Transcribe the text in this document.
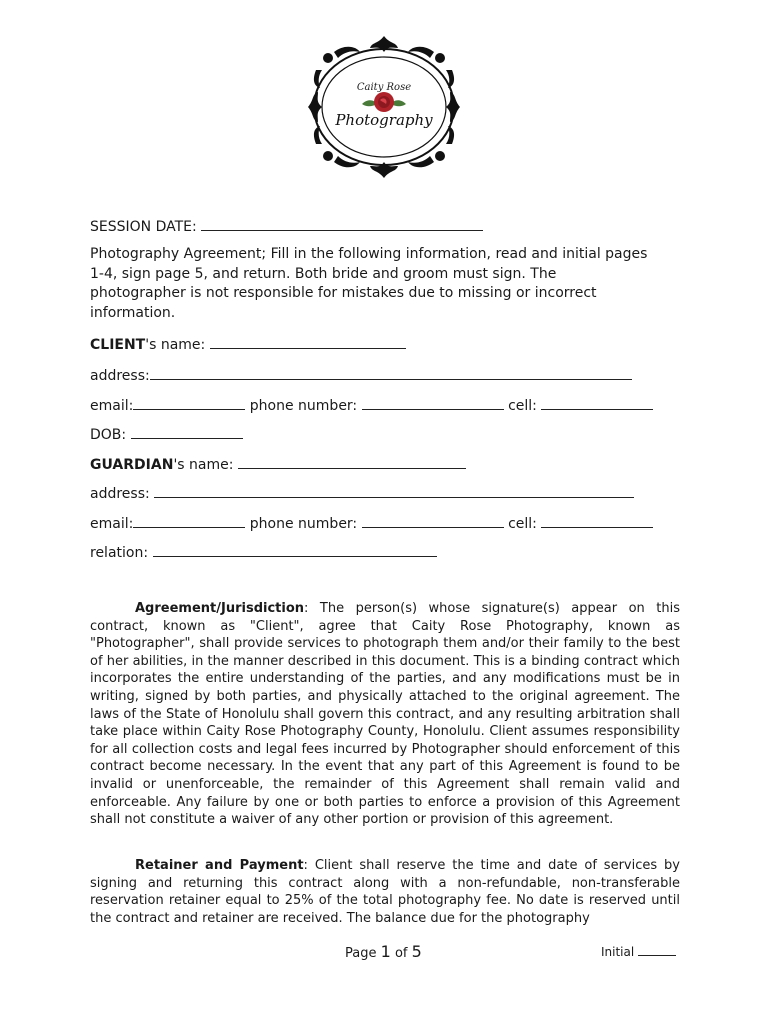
Caity Rose
Photography
SESSION DATE:
Photography Agreement; Fill in the following information, read and initial pages 1-4, sign page 5, and return. Both bride and groom must sign. The photographer is not responsible for mistakes due to missing or incorrect information.
CLIENT's name:
address:
email:	phone number:	cell:
DOB:
GUARDIAN's name:
address:
email:	phone number:	cell:
relation:
Agreement/Jurisdiction: The person(s) whose signature(s) appear on this contract, known as "Client", agree that Caity Rose Photography, known as "Photographer", shall provide services to photograph them and/or their family to the best of her abilities, in the manner described in this document. This is a binding contract which incorporates the entire understanding of the parties, and any modifications must be in writing, signed by both parties, and physically attached to the original agreement. The laws of the State of Honolulu shall govern this contract, and any resulting arbitration shall take place within Caity Rose Photography County, Honolulu. Client assumes responsibility for all collection costs and legal fees incurred by Photographer should enforcement of this contract become necessary. In the event that any part of this Agreement is found to be invalid or unenforceable, the remainder of this Agreement shall remain valid and enforceable. Any failure by one or both parties to enforce a provision of this Agreement shall not constitute a waiver of any other portion or provision of this agreement.
Retainer and Payment: Client shall reserve the time and date of services by signing and returning this contract along with a non-refundable, non-transferable reservation retainer equal to 25% of the total photography fee. No date is reserved until the contract and retainer are received. The balance due for the photography
Page 1 of 5	Initial
